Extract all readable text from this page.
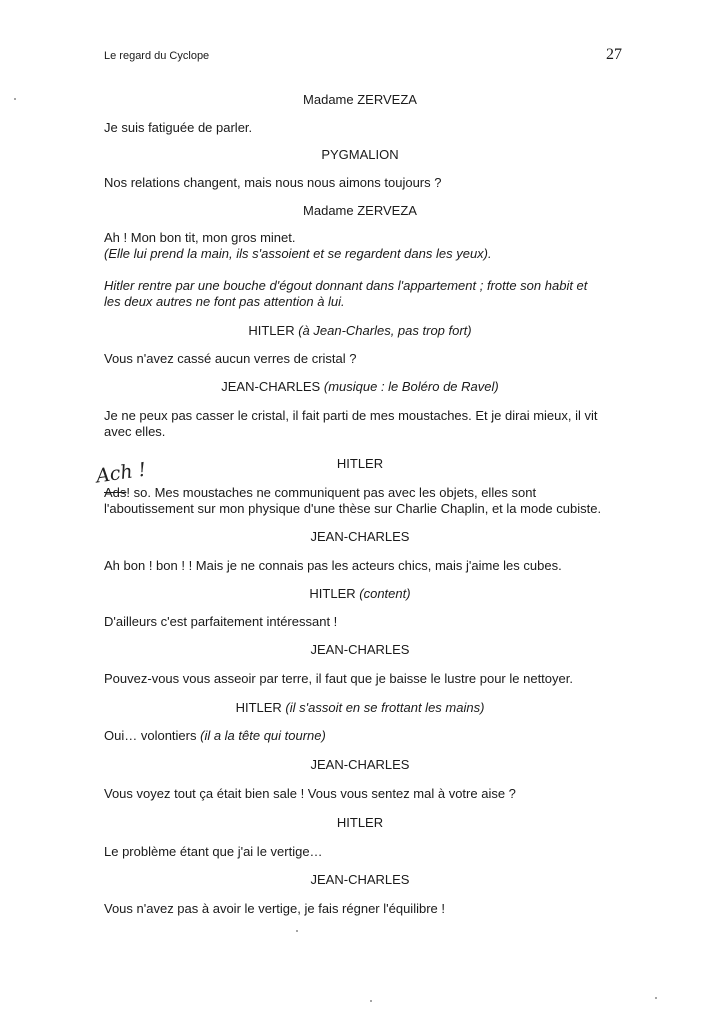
Le regard du Cyclope	27
Madame ZERVEZA
Je suis fatiguée de parler.
PYGMALION
Nos relations changent, mais nous nous aimons toujours ?
Madame ZERVEZA
Ah ! Mon bon tit, mon gros minet.
(Elle lui prend la main, ils s'assoient et se regardent dans les yeux).
Hitler rentre par une bouche d'égout donnant dans l'appartement ; frotte son habit et
les deux autres ne font pas attention à lui.
HITLER (à Jean-Charles, pas trop fort)
Vous n'avez cassé aucun verres de cristal ?
JEAN-CHARLES (musique : le Boléro de Ravel)
Je ne peux pas casser le cristal, il fait parti de mes moustaches. Et je dirai mieux, il vit
avec elles.
Ach !	HITLER
Ads! so. Mes moustaches ne communiquent pas avec les objets, elles sont
l'aboutissement sur mon physique d'une thèse sur Charlie Chaplin, et la mode cubiste.
JEAN-CHARLES
Ah bon ! bon ! ! Mais je ne connais pas les acteurs chics, mais j'aime les cubes.
HITLER (content)
D'ailleurs c'est parfaitement intéressant !
JEAN-CHARLES
Pouvez-vous vous asseoir par terre, il faut que je baisse le lustre pour le nettoyer.
HITLER (il s'assoit en se frottant les mains)
Oui… volontiers (il a la tête qui tourne)
JEAN-CHARLES
Vous voyez tout ça était bien sale ! Vous vous sentez mal à votre aise ?
HITLER
Le problème étant que j'ai le vertige…
JEAN-CHARLES
Vous n'avez pas à avoir le vertige, je fais régner l'équilibre !
